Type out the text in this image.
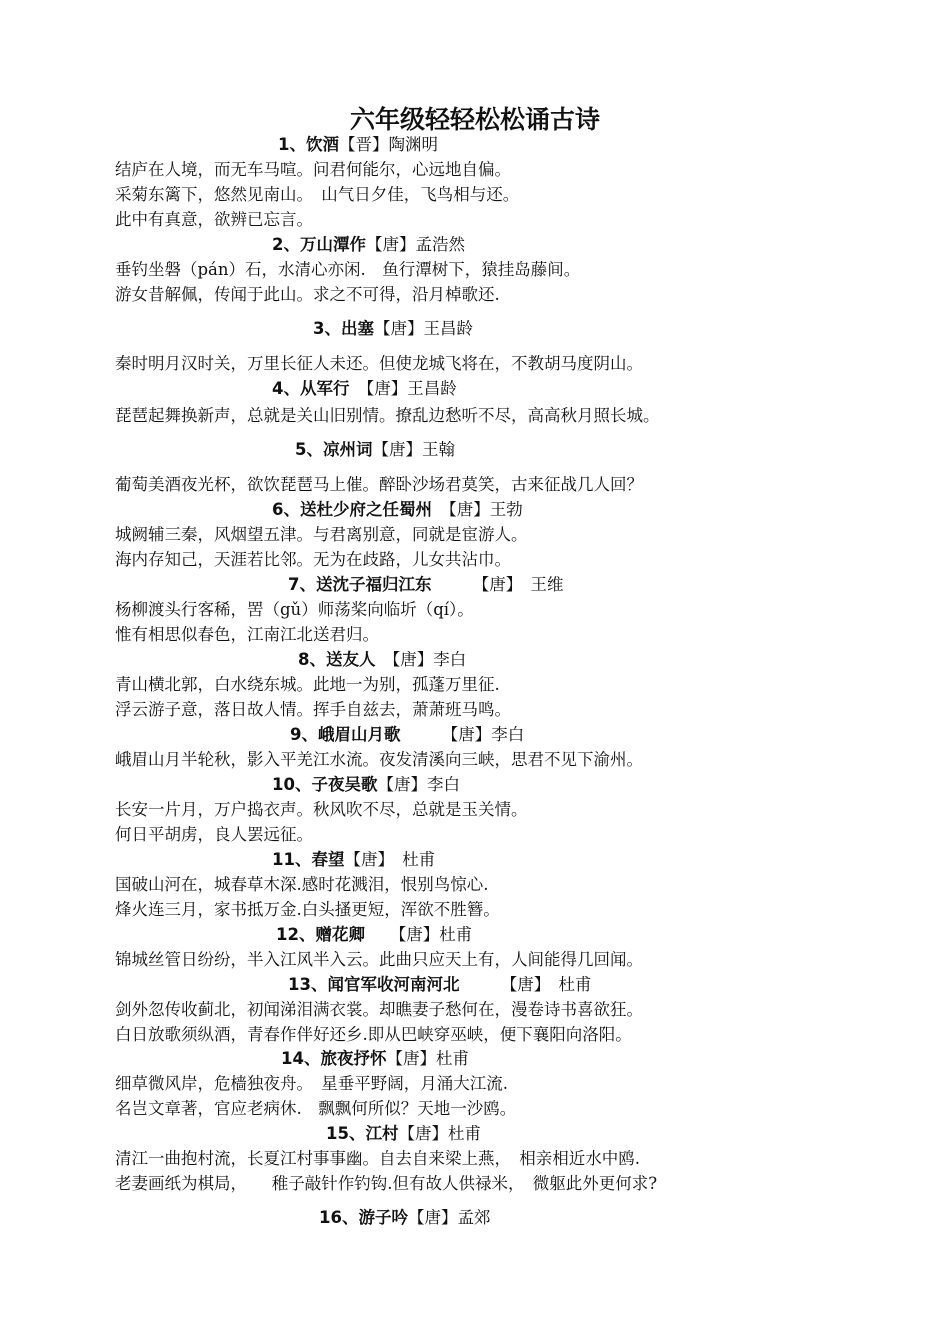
六年级轻轻松松诵古诗
1、饮酒【晋】陶渊明
结庐在人境，而无车马喧。问君何能尔，心远地自偏。
采菊东篱下，悠然见南山。　山气日夕佳，飞鸟相与还。
此中有真意，欲辨已忘言。
2、万山潭作【唐】孟浩然
垂钓坐磐（pán）石，水清心亦闲.　鱼行潭树下，猿挂岛藤间。
游女昔解佩，传闻于此山。求之不可得，沿月棹歌还.
3、出塞【唐】王昌龄
秦时明月汉时关，万里长征人未还。但使龙城飞将在，不教胡马度阴山。
4、从军行　【唐】王昌龄
琵琶起舞换新声，总就是关山旧别情。撩乱边愁听不尽，高高秋月照长城。
5、凉州词【唐】王翰
葡萄美酒夜光杯，欲饮琵琶马上催。醉卧沙场君莫笑，古来征战几人回？
6、送杜少府之任蜀州　【唐】王勃
城阙辅三秦，风烟望五津。与君离别意，同就是宦游人。
海内存知己，天涯若比邻。无为在歧路，儿女共沾巾。
7、送沈子福归江东　　　【唐】　王维
杨柳渡头行客稀，罟（gǔ）师荡桨向临圻（qí）。
惟有相思似春色，江南江北送君归。
8、送友人　【唐】李白
青山横北郭，白水绕东城。此地一为别，孤蓬万里征.
浮云游子意，落日故人情。挥手自兹去，萧萧班马鸣。
9、峨眉山月歌　　　【唐】李白
峨眉山月半轮秋，影入平羌江水流。夜发清溪向三峡，思君不见下渝州。
10、子夜吴歌【唐】李白
长安一片月，万户捣衣声。秋风吹不尽，总就是玉关情。
何日平胡虏，良人罢远征。
11、春望【唐】　杜甫
国破山河在，城春草木深.感时花溅泪，恨别鸟惊心.
烽火连三月，家书抵万金.白头搔更短，浑欲不胜簪。
12、赠花卿　　【唐】杜甫
锦城丝管日纷纷，半入江风半入云。此曲只应天上有，人间能得几回闻。
13、闻官军收河南河北　　　【唐】　杜甫
剑外忽传收蓟北，初闻涕泪满衣裳。却瞧妻子愁何在，漫卷诗书喜欲狂。
白日放歌须纵酒，青春作伴好还乡.即从巴峡穿巫峡，便下襄阳向洛阳。
14、旅夜抒怀【唐】杜甫
细草微风岸，危樯独夜舟。　星垂平野阔，月涌大江流.
名岂文章著，官应老病休.　飘飘何所似？天地一沙鸥。
15、江村【唐】杜甫
清江一曲抱村流，长夏江村事事幽。自去自来梁上燕，　相亲相近水中鸥.
老妻画纸为棋局，　　稚子敲针作钓钩.但有故人供禄米，　微躯此外更何求?
16、游子吟【唐】孟郊
